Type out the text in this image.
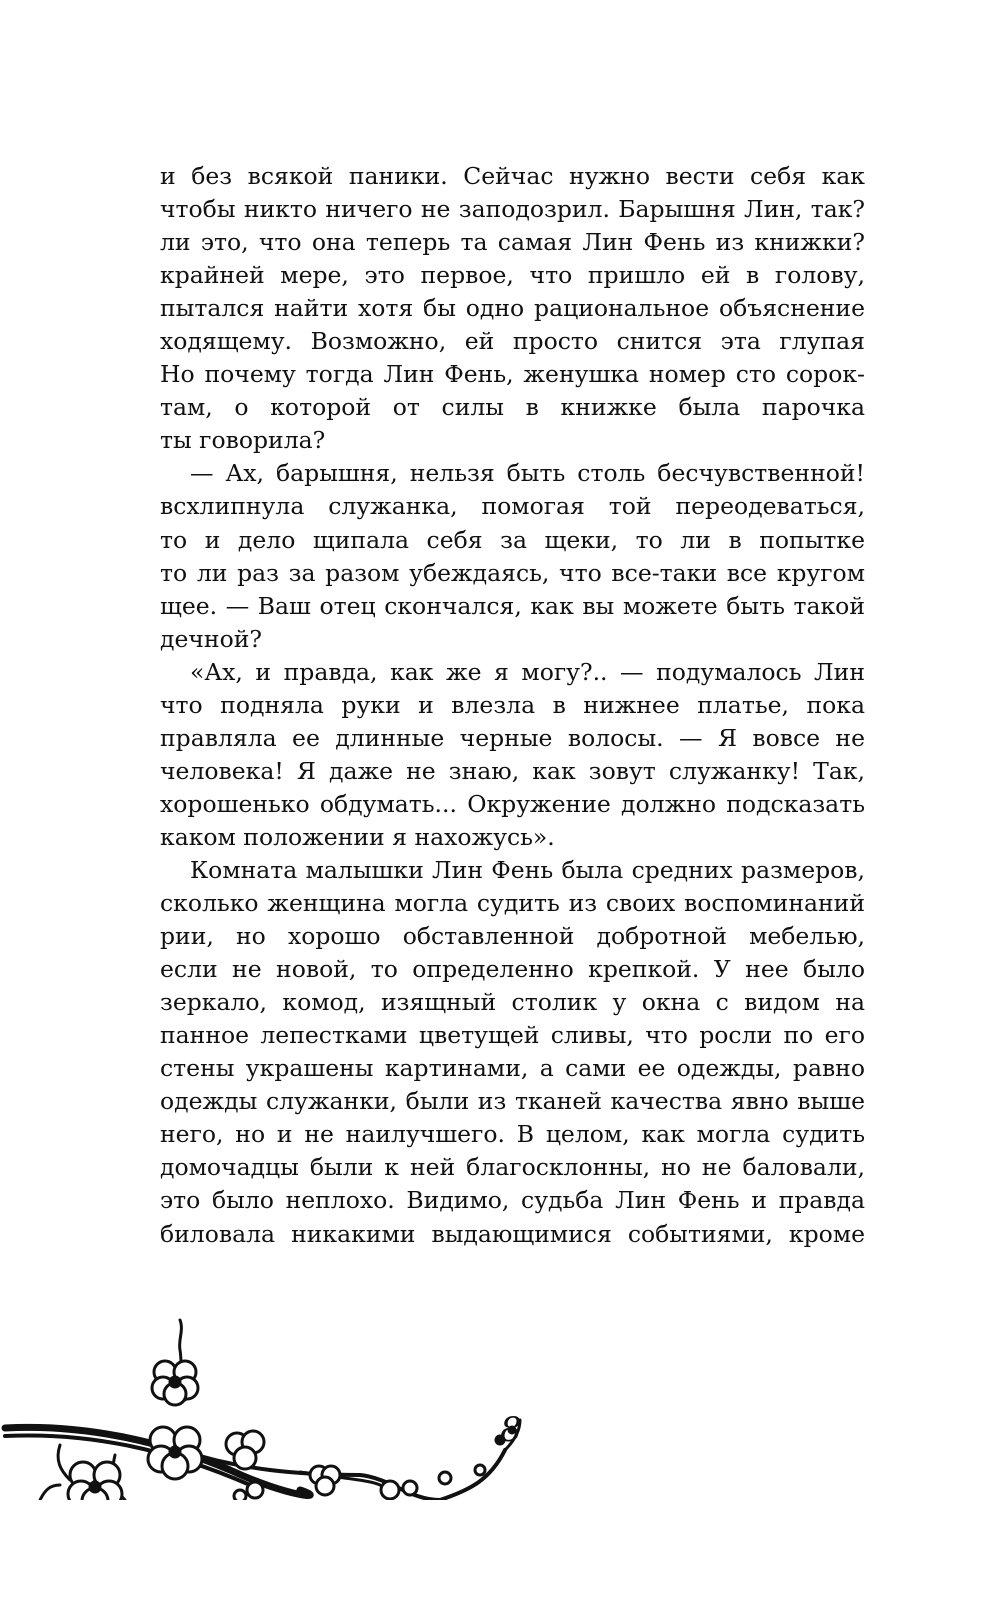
и без всякой паники. Сейчас нужно вести себя как
чтобы никто ничего не заподозрил. Барышня Лин, так?
ли это, что она теперь та самая Лин Фень из книжки?
крайней мере, это первое, что пришло ей в голову,
пытался найти хотя бы одно рациональное объяснение
ходящему. Возможно, ей просто снится эта глупая
Но почему тогда Лин Фень, женушка номер сто сорок-
там, о которой от силы в книжке была парочка
ты говорила?
— Ах, барышня, нельзя быть столь бесчувственной!
всхлипнула служанка, помогая той переодеваться,
то и дело щипала себя за щеки, то ли в попытке
то ли раз за разом убеждаясь, что все-таки все кругом
щее. — Ваш отец скончался, как вы можете быть такой
дечной?
«Ах, и правда, как же я могу?.. — подумалось Лин
что подняла руки и влезла в нижнее платье, пока
правляла ее длинные черные волосы. — Я вовсе не
человека! Я даже не знаю, как зовут служанку! Так,
хорошенько обдумать... Окружение должно подсказать
каком положении я нахожусь».
Комната малышки Лин Фень была средних размеров,
сколько женщина могла судить из своих воспоминаний
рии, но хорошо обставленной добротной мебелью,
если не новой, то определенно крепкой. У нее было
зеркало, комод, изящный столик у окна с видом на
панное лепестками цветущей сливы, что росли по его
стены украшены картинами, а сами ее одежды, равно
одежды служанки, были из тканей качества явно выше
него, но и не наилучшего. В целом, как могла судить
домочадцы были к ней благосклонны, но не баловали,
это было неплохо. Видимо, судьба Лин Фень и правда
биловала никакими выдающимися событиями, кроме
8
